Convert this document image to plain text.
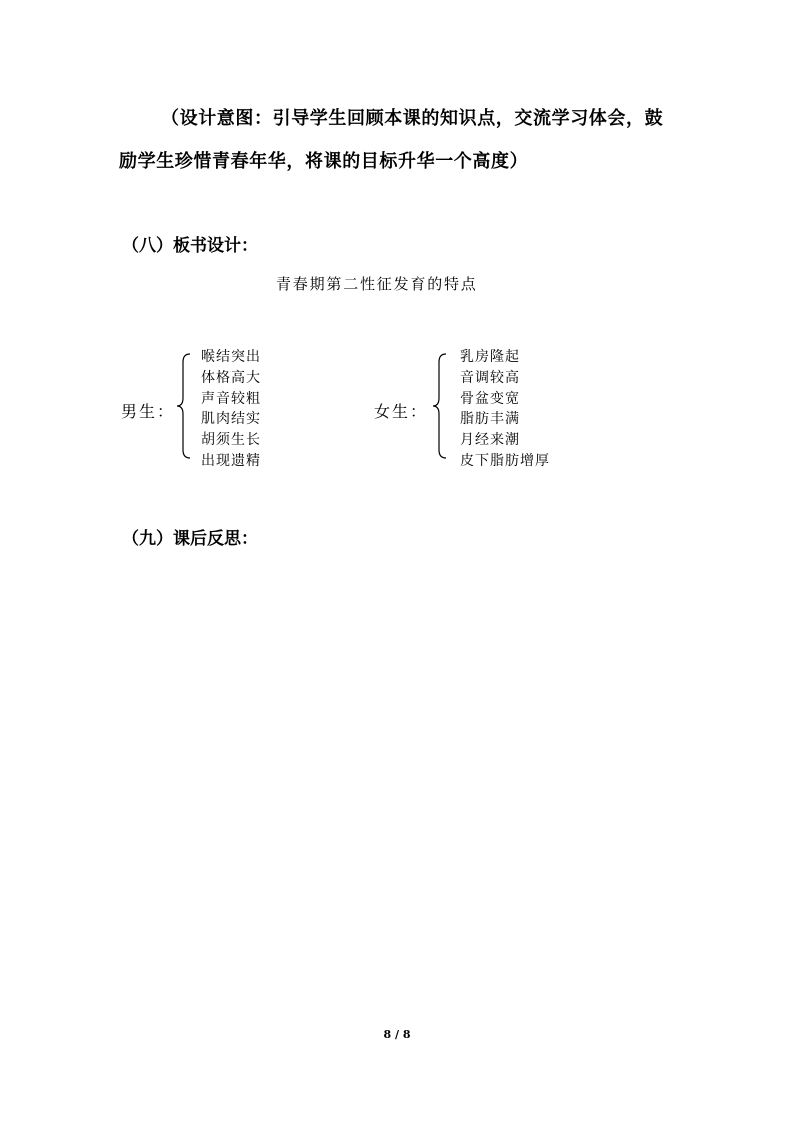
（设计意图：引导学生回顾本课的知识点，交流学习体会，鼓
励学生珍惜青春年华，将课的目标升华一个高度）
（八）板书设计：
青春期第二性征发育的特点
男生：
喉结突出
体格高大
声音较粗
肌肉结实
胡须生长
出现遗精
女生：
乳房隆起
音调较高
骨盆变宽
脂肪丰满
月经来潮
皮下脂肪增厚
（九）课后反思：
8 / 8
